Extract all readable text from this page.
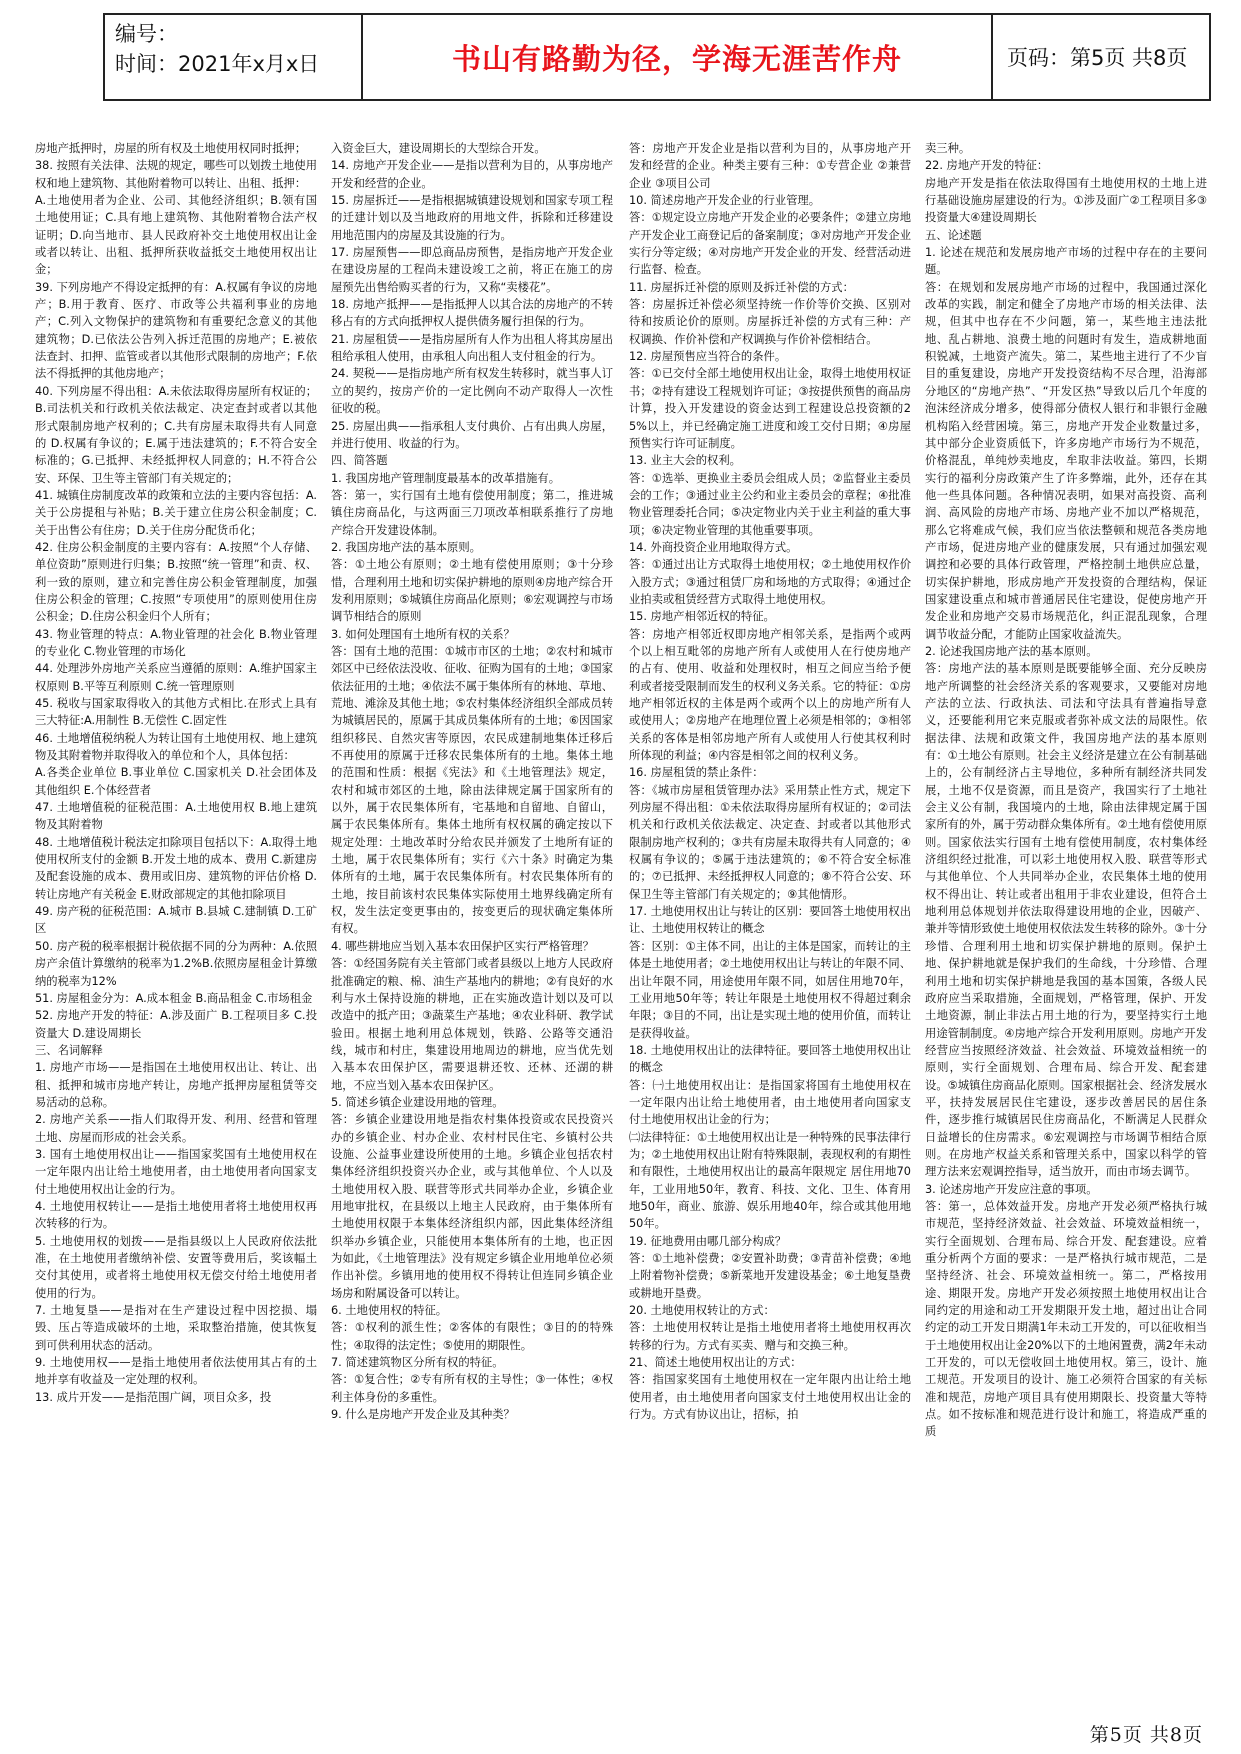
编号：
时间：2021年x月x日	书山有路勤为径，学海无涯苦作舟	页码：第5页 共8页

房地产抵押时，房屋的所有权及土地使用权同时抵押；

38. 按照有关法律、法规的规定，哪些可以划拨土地使用权和地上建筑物、其他附着物可以转让、出租、抵押：

A.土地使用者为企业、公司、其他经济组织；B.领有国土地使用证；C.具有地上建筑物、其他附着物合法产权证明；D.向当地市、县人民政府补交土地使用权出让金或者以转让、出租、抵押所获收益抵交土地使用权出让金；

39. 下列房地产不得设定抵押的有：A.权属有争议的房地产；B.用于教育、医疗、市政等公共福利事业的房地产；C.列入文物保护的建筑物和有重要纪念意义的其他建筑物；D.已依法公告列入拆迁范围的房地产；E.被依法查封、扣押、监管或者以其他形式限制的房地产；F.依法不得抵押的其他房地产；

40. 下列房屋不得出租：A.未依法取得房屋所有权证的；B.司法机关和行政机关依法裁定、决定查封或者以其他形式限制房地产权利的；C.共有房屋未取得共有人同意的 D.权属有争议的；E.属于违法建筑的；F.不符合安全标准的；G.已抵押、未经抵押权人同意的；H.不符合公安、环保、卫生等主管部门有关规定的；

41. 城镇住房制度改革的政策和立法的主要内容包括：A.关于公房提租与补贴；B.关于建立住房公积金制度；C.关于出售公有住房；D.关于住房分配货币化；

42. 住房公积金制度的主要内容有：A.按照“个人存储、单位资助”原则进行归集；B.按照“统一管理”和责、权、利一致的原则，建立和完善住房公积金管理制度，加强住房公积金的管理；C.按照“专项使用”的原则使用住房公积金；D.住房公积金归个人所有；

43. 物业管理的特点：A.物业管理的社会化 B.物业管理的专业化 C.物业管理的市场化

44. 处理涉外房地产关系应当遵循的原则：A.维护国家主权原则 B.平等互利原则 C.统一管理原则

45. 税收与国家取得收入的其他方式相比.在形式上具有三大特征:A.用制性 B.无偿性 C.固定性

46. 土地增值税纳税人为转让国有土地使用权、地上建筑物及其附着物并取得收入的单位和个人，具体包括：

A.各类企业单位 B.事业单位 C.国家机关 D.社会团体及其他组织 E.个体经营者

47. 土地增值税的征税范围：A.土地使用权 B.地上建筑物及其附着物

48. 土地增值税计税法定扣除项目包括以下：A.取得土地使用权所支付的金额 B.开发土地的成本、费用 C.新建房及配套设施的成本、费用或旧房、建筑物的评估价格 D.转让房地产有关税金 E.财政部规定的其他扣除项目

49. 房产税的征税范围：A.城市 B.县城 C.建制镇 D.工矿区

50. 房产税的税率根据计税依据不同的分为两种：A.依照房产余值计算缴纳的税率为1.2%B.依照房屋租金计算缴纳的税率为12%

51. 房屋租金分为：A.成本租金 B.商品租金 C.市场租金

52. 房地产开发的特征：A.涉及面广 B.工程项目多 C.投资量大 D.建设周期长

三、名词解释

1. 房地产市场——是指国在土地使用权出让、转让、出租、抵押和城市房地产转让，房地产抵押房屋租赁等交易活动的总称。

2. 房地产关系——指人们取得开发、利用、经营和管理土地、房屋而形成的社会关系。

3. 国有土地使用权出让——指国家奖国有土地使用权在一定年限内出让给土地使用者，由土地使用者向国家支付土地使用权出让金的行为。

4. 土地使用权转让——是指土地使用者将土地使用权再次转移的行为。

5. 土地使用权的划拨——是指县级以上人民政府依法批准，在土地使用者缴纳补偿、安置等费用后，奖该幅土交付其使用，或者将土地使用权无偿交付给土地使用者使用的行为。

7. 土地复垦——是指对在生产建设过程中因挖损、塌毁、压占等造成破坏的土地，采取整治措施，使其恢复到可供利用状态的活动。

9. 土地使用权——是指土地使用者依法使用其占有的土地并享有收益及一定处理的权利。

13. 成片开发——是指范围广阔，项目众多，投

入资金巨大，建设周期长的大型综合开发。

14. 房地产开发企业——是指以营利为目的，从事房地产开发和经营的企业。

15. 房屋拆迁——是指根据城镇建设规划和国家专项工程的迁建计划以及当地政府的用地文件，拆除和迁移建设用地范围内的房屋及其设施的行为。

17. 房屋预售——即总商品房预售，是指房地产开发企业在建设房屋的工程尚未建设竣工之前，将正在施工的房屋预先出售给购买者的行为，又称“卖楼花”。

18. 房地产抵押——是指抵押人以其合法的房地产的不转移占有的方式向抵押权人提供债务履行担保的行为。

21. 房屋租赁——是指房屋所有人作为出租人将其房屋出租给承租人使用，由承租人向出租人支付租金的行为。

24. 契税——是指房地产所有权发生转移时，就当事人订立的契约，按房产价的一定比例向不动产取得人一次性征收的税。

25. 房屋出典——指承租人支付典价、占有出典人房屋，并进行使用、收益的行为。

四、简答题

1. 我国房地产管理制度最基本的改革措施有。

答：第一，实行国有土地有偿使用制度；第二，推进城镇住房商品化，与这两面三刀项改革相联系推行了房地产综合开发建设体制。

2. 我国房地产法的基本原则。

答：①土地公有原则；②土地有偿使用原则；③十分珍惜，合理利用土地和切实保护耕地的原则④房地产综合开发利用原则；⑤城镇住房商品化原则；⑥宏观调控与市场调节相结合的原则

3. 如何处理国有土地所有权的关系？

答：国有土地的范围：①城市市区的土地；②农村和城市郊区中已经依法没收、征收、征购为国有的土地；③国家依法征用的土地；④依法不属于集体所有的林地、草地、荒地、滩涂及其他土地；⑤农村集体经济组织全部成员转为城镇居民的，原属于其成员集体所有的土地；⑥因国家组织移民、自然灾害等原因，农民成建制地集体迁移后不再使用的原属于迁移农民集体所有的土地。集体土地的范围和性质：根据《宪法》和《土地管理法》规定，农村和城市郊区的土地，除由法律规定属于国家所有的以外，属于农民集体所有，宅基地和自留地、自留山，属于农民集体所有。集体土地所有权权属的确定按以下规定处理：土地改革时分给农民并颁发了土地所有证的土地，属于农民集体所有；实行《六十条》时确定为集体所有的土地，属于农民集体所有。村农民集体所有的土地，按目前该村农民集体实际使用土地界线确定所有权，发生法定变更事由的，按变更后的现状确定集体所有权。

4. 哪些耕地应当划入基本农田保护区实行严格管理？

答：①经国务院有关主管部门或者县级以上地方人民政府批准确定的粮、棉、油生产基地内的耕地；②有良好的水利与水土保持设施的耕地，正在实施改造计划以及可以改造中的抵产田；③蔬菜生产基地；④农业科研、教学试验田。根据土地利用总体规划，铁路、公路等交通沿线，城市和村庄，集建设用地周边的耕地，应当优先划入基本农田保护区，需要退耕还牧、还林、还湖的耕地，不应当划入基本农田保护区。

5. 简述乡镇企业建设用地的管理。

答：乡镇企业建设用地是指农村集体投资或农民投资兴办的乡镇企业、村办企业、农村村民住宅、乡镇村公共设施、公益事业建设所使用的土地。乡镇企业包括农村集体经济组织投资兴办企业，或与其他单位、个人以及土地使用权入股、联营等形式共同举办企业，乡镇企业用地审批权，在县级以上地主人民政府，由于集体所有土地使用权限于本集体经济组织内部，因此集体经济组织举办乡镇企业，只能使用本集体所有的土地，也正因为如此，《土地管理法》没有规定乡镇企业用地单位必须作出补偿。乡镇用地的使用权不得转让但连同乡镇企业场房和附属设备可以转让。

6. 土地使用权的特征。

答：①权利的派生性；②客体的有限性；③目的的特殊性；④取得的法定性；⑤使用的期限性。

7. 简述建筑物区分所有权的特征。

答：①复合性；②专有所有权的主导性；③一体性；④权利主体身份的多重性。

9. 什么是房地产开发企业及其种类？

答：房地产开发企业是指以营利为目的，从事房地产开发和经营的企业。种类主要有三种：①专营企业 ②兼营企业 ③项目公司

10. 简述房地产开发企业的行业管理。

答：①规定设立房地产开发企业的必要条件；②建立房地产开发企业工商登记后的备案制度；③对房地产开发企业实行分等定级；④对房地产开发企业的开发、经营活动进行监督、检查。

11. 房屋拆迁补偿的原则及拆迁补偿的方式：

答：房屋拆迁补偿必须坚持统一作价等价交换、区别对待和按质论价的原则。房屋拆迁补偿的方式有三种：产权调换、作价补偿和产权调换与作价补偿相结合。

12. 房屋预售应当符合的条件。

答：①已交付全部土地使用权出让金，取得土地使用权证书；②持有建设工程规划许可证；③按提供预售的商品房计算，投入开发建设的资金达到工程建设总投资额的25%以上，并已经确定施工进度和竣工交付日期；④房屋预售实行许可证制度。

13. 业主大会的权利。

答：①选举、更换业主委员会组成人员；②监督业主委员会的工作；③通过业主公约和业主委员会的章程；④批准物业管理委托合同；⑤决定物业内关于业主利益的重大事项；⑥决定物业管理的其他重要事项。

14. 外商投资企业用地取得方式。

答：①通过出让方式取得土地使用权；②土地使用权作价入股方式；③通过租赁厂房和场地的方式取得；④通过企业拍卖或租赁经营方式取得土地使用权。

15. 房地产相邻近权的特征。

答：房地产相邻近权即房地产相邻关系，是指两个或两个以上相互毗邻的房地产所有人或使用人在行使房地产的占有、使用、收益和处理权时，相互之间应当给予便利或者接受限制而发生的权利义务关系。它的特征：①房地产相邻近权的主体是两个或两个以上的房地产所有人或使用人；②房地产在地理位置上必须是相邻的；③相邻关系的客体是相邻房地产所有人或使用人行使其权利时所体现的利益；④内容是相邻之间的权利义务。

16. 房屋租赁的禁止条件：

答：《城市房屋租赁管理办法》采用禁止性方式，规定下列房屋不得出租：①未依法取得房屋所有权证的；②司法机关和行政机关依法裁定、决定查、封或者以其他形式限制房地产权利的；③共有房屋未取得共有人同意的；④权属有争议的；⑤属于违法建筑的；⑥不符合安全标准的；⑦已抵押、未经抵押权人同意的；⑧不符合公安、环保卫生等主管部门有关规定的；⑨其他情形。

17. 土地使用权出让与转让的区别：要回答土地使用权出让、土地使用权转让的概念

答：区别：①主体不同，出让的主体是国家，而转让的主体是土地使用者；②土地使用权出让与转让的年限不同、出让年限不同，用途使用年限不同，如居住用地70年，工业用地50年等；转让年限是土地使用权不得超过剩余年限；③目的不同，出让是实现土地的使用价值，而转让是获得收益。

18. 土地使用权出让的法律特征。要回答土地使用权出让的概念

答：㈠土地使用权出让：是指国家将国有土地使用权在一定年限内出让给土地使用者，由土地使用者向国家支付土地使用权出让金的行为；

㈡法律特征：①土地使用权出让是一种特殊的民事法律行为；②土地使用权出让附有特殊限制，表现权利的有期性和有限性，土地使用权出让的最高年限规定 居住用地70年，工业用地50年，教育、科技、文化、卫生、体育用地50年，商业、旅游、娱乐用地40年，综合或其他用地50年。

19. 征地费用由哪几部分构成？

答：①土地补偿费；②安置补助费；③青苗补偿费；④地上附着物补偿费；⑤新菜地开发建设基金；⑥土地复垦费或耕地开垦费。

20. 土地使用权转让的方式：

答：土地使用权转让是指土地使用者将土地使用权再次转移的行为。方式有买卖、赠与和交换三种。

21、简述土地使用权出让的方式：

答：指国家奖国有土地使用权在一定年限内出让给土地使用者，由土地使用者向国家支付土地使用权出让金的行为。方式有协议出让，招标，拍

卖三种。

22. 房地产开发的特征：

房地产开发是指在依法取得国有土地使用权的土地上进行基础设施房屋建设的行为。①涉及面广②工程项目多③投资量大④建设周期长

五、论述题

1. 论述在规范和发展房地产市场的过程中存在的主要问题。

答：在规划和发展房地产市场的过程中，我国通过深化改革的实践，制定和健全了房地产市场的相关法律、法规，但其中也存在不少问题，第一，某些地主违法批地、乱占耕地、浪费土地的问题时有发生，造成耕地面积锐减，土地资产流失。第二，某些地主进行了不少盲目的重复建设，房地产开发投资结构不尽合理，沿海部分地区的“房地产热”、“开发区热”导致以后几个年度的泡沫经济成分增多，使得部分债权人银行和非银行金融机构陷入经营困境。第三，房地产开发企业数量过多，其中部分企业资质低下，许多房地产市场行为不规范，价格混乱，单纯炒卖地皮，牟取非法收益。第四，长期实行的福利分房政策产生了许多弊端，此外，还存在其他一些具体问题。各种情况表明，如果对高投资、高利润、高风险的房地产市场、房地产业不加以严格规范，那么它将难成气候，我们应当依法整顿和规范各类房地产市场，促进房地产业的健康发展，只有通过加强宏观调控和必要的具体行政管理，严格控制土地供应总量，切实保护耕地，形成房地产开发投资的合理结构，保证国家建设重点和城市普通居民住宅建设，促使房地产开发企业和房地产交易市场规范化，纠正混乱现象，合理调节收益分配，才能防止国家收益流失。

2. 论述我国房地产法的基本原则。

答：房地产法的基本原则是既要能够全面、充分反映房地产所调整的社会经济关系的客观要求，又要能对房地产法的立法、行政执法、司法和守法具有普遍指导意义，还要能利用它来克服或者弥补成文法的局限性。依据法律、法规和政策文件，我国房地产法的基本原则有：①土地公有原则。社会主义经济是建立在公有制基础上的，公有制经济占主导地位，多种所有制经济共同发展，土地不仅是资源，而且是资产，我国实行了土地社会主义公有制，我国境内的土地，除由法律规定属于国家所有的外，属于劳动群众集体所有。②土地有偿使用原则。国家依法实行国有土地有偿使用制度，农村集体经济组织经过批准，可以彩土地使用权入股、联营等形式与其他单位、个人共同举办企业，农民集体土地的使用权不得出让、转让或者出租用于非农业建设，但符合土地利用总体规划并依法取得建设用地的企业，因破产、兼并等情形致使土地使用权依法发生转移的除外。③十分珍惜、合理利用土地和切实保护耕地的原则。保护土地、保护耕地就是保护我们的生命线，十分珍惜、合理利用土地和切实保护耕地是我国的基本国策，各级人民政府应当采取措施，全面规划，严格管理，保护、开发土地资源，制止非法占用土地的行为，要坚持实行土地用途管制制度。④房地产综合开发利用原则。房地产开发经营应当按照经济效益、社会效益、环境效益相统一的原则，实行全面规划、合理布局、综合开发、配套建设。⑤城镇住房商品化原则。国家根据社会、经济发展水平，扶持发展居民住宅建设，逐步改善居民的居住条件，逐步推行城镇居民住房商品化，不断满足人民群众日益增长的住房需求。⑥宏观调控与市场调节相结合原则。在房地产权益关系和管理关系中，国家以科学的管理方法来宏观调控指导，适当放开，而由市场去调节。

3. 论述房地产开发应注意的事项。

答：第一，总体效益开发。房地产开发必须严格执行城市规范，坚持经济效益、社会效益、环境效益相统一，实行全面规划、合理布局、综合开发、配套建设。应着重分析两个方面的要求：一是严格执行城市规范，二是坚持经济、社会、环境效益相统一。第二，严格按用途、期限开发。房地产开发必须按照土地使用权出让合同约定的用途和动工开发期限开发土地，超过出让合同约定的动工开发日期满1年未动工开发的，可以征收相当于土地使用权出让金20%以下的土地闲置费，满2年未动工开发的，可以无偿收回土地使用权。第三，设计、施工规范。开发项目的设计、施工必须符合国家的有关标准和规范，房地产项目具有使用期限长、投资量大等特点。如不按标准和规范进行设计和施工，将造成严重的质

第5页 共8页
